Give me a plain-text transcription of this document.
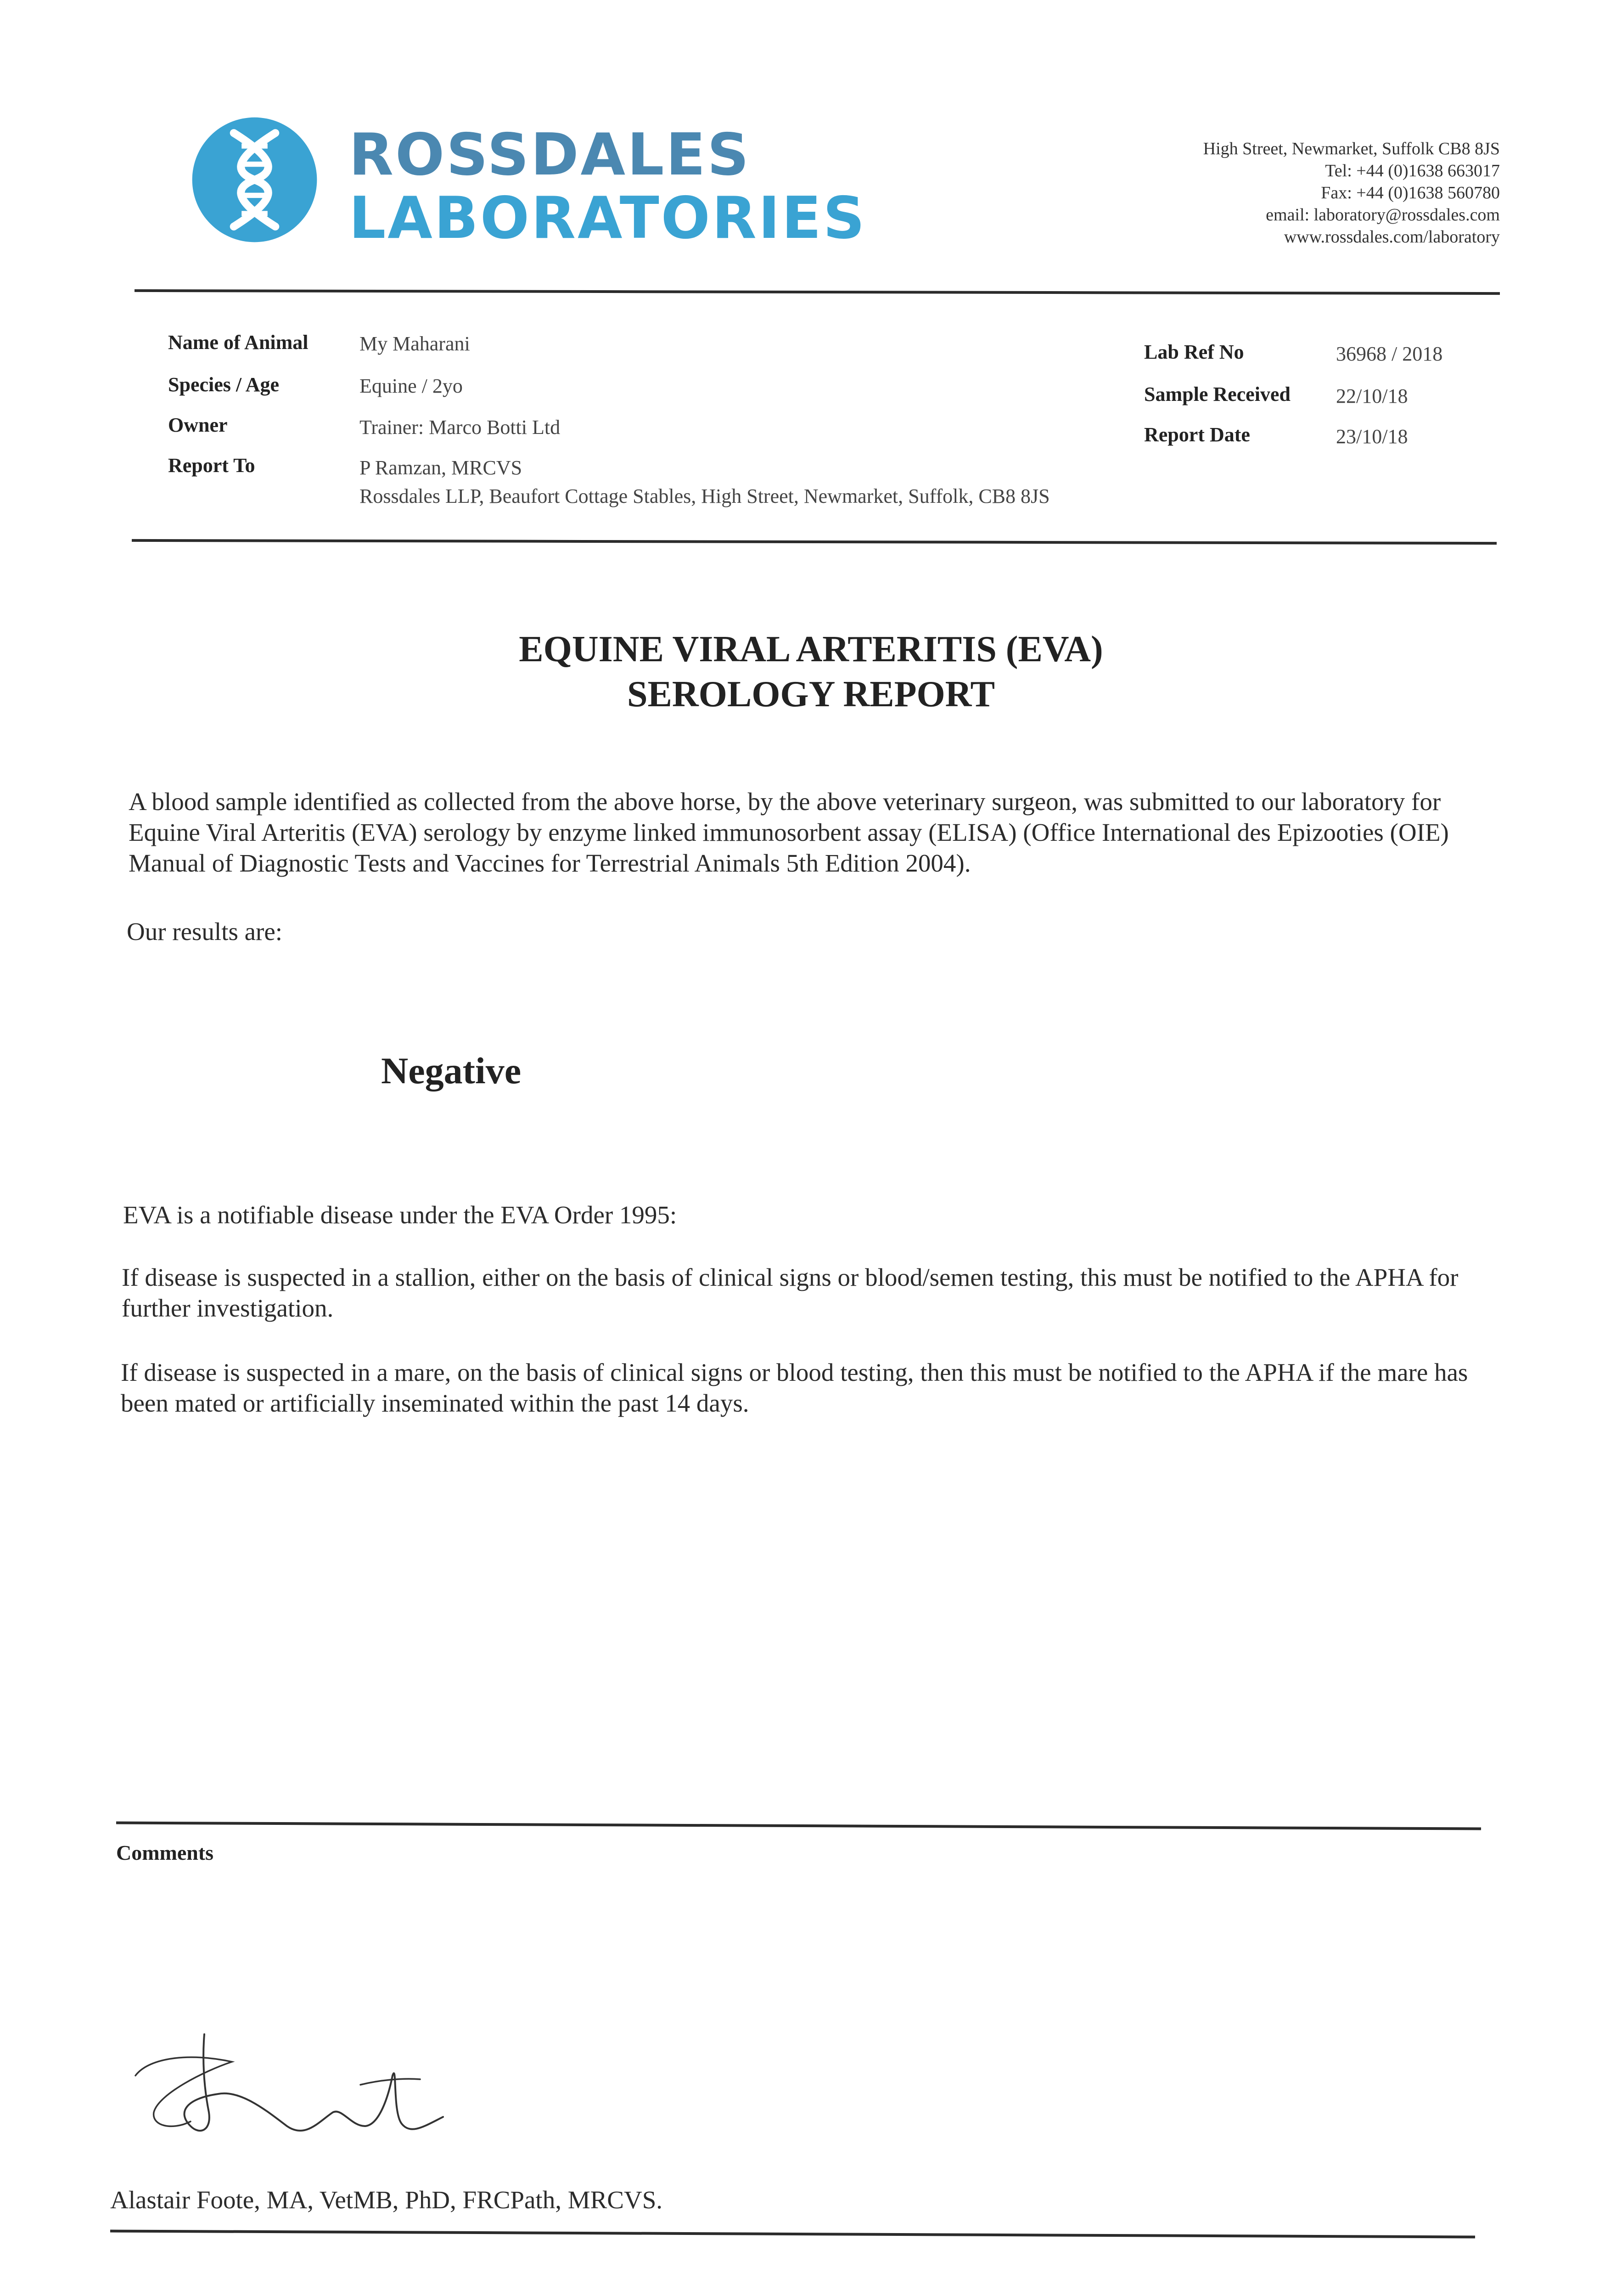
ROSSDALES
LABORATORIES
High Street, Newmarket, Suffolk CB8 8JS
Tel: +44 (0)1638 663017
Fax: +44 (0)1638 560780
email: laboratory@rossdales.com
www.rossdales.com/laboratory
Name of Animal	My Maharani
Species / Age	Equine / 2yo
Owner	Trainer: Marco Botti Ltd
Report To	P Ramzan, MRCVS
Rossdales LLP, Beaufort Cottage Stables, High Street, Newmarket, Suffolk, CB8 8JS
Lab Ref No	36968 / 2018
Sample Received 22/10/18
Report Date	23/10/18
EQUINE VIRAL ARTERITIS (EVA)
SEROLOGY REPORT
A blood sample identified as collected from the above horse, by the above veterinary surgeon, was submitted to our laboratory for Equine Viral Arteritis (EVA) serology by enzyme linked immunosorbent assay (ELISA) (Office International des Epizooties (OIE) Manual of Diagnostic Tests and Vaccines for Terrestrial Animals 5th Edition 2004).
Our results are:
Negative
EVA is a notifiable disease under the EVA Order 1995:
If disease is suspected in a stallion, either on the basis of clinical signs or blood/semen testing, this must be notified to the APHA for further investigation.
If disease is suspected in a mare, on the basis of clinical signs or blood testing, then this must be notified to the APHA if the mare has been mated or artificially inseminated within the past 14 days.
Comments
Alastair Foote, MA, VetMB, PhD, FRCPath, MRCVS.
